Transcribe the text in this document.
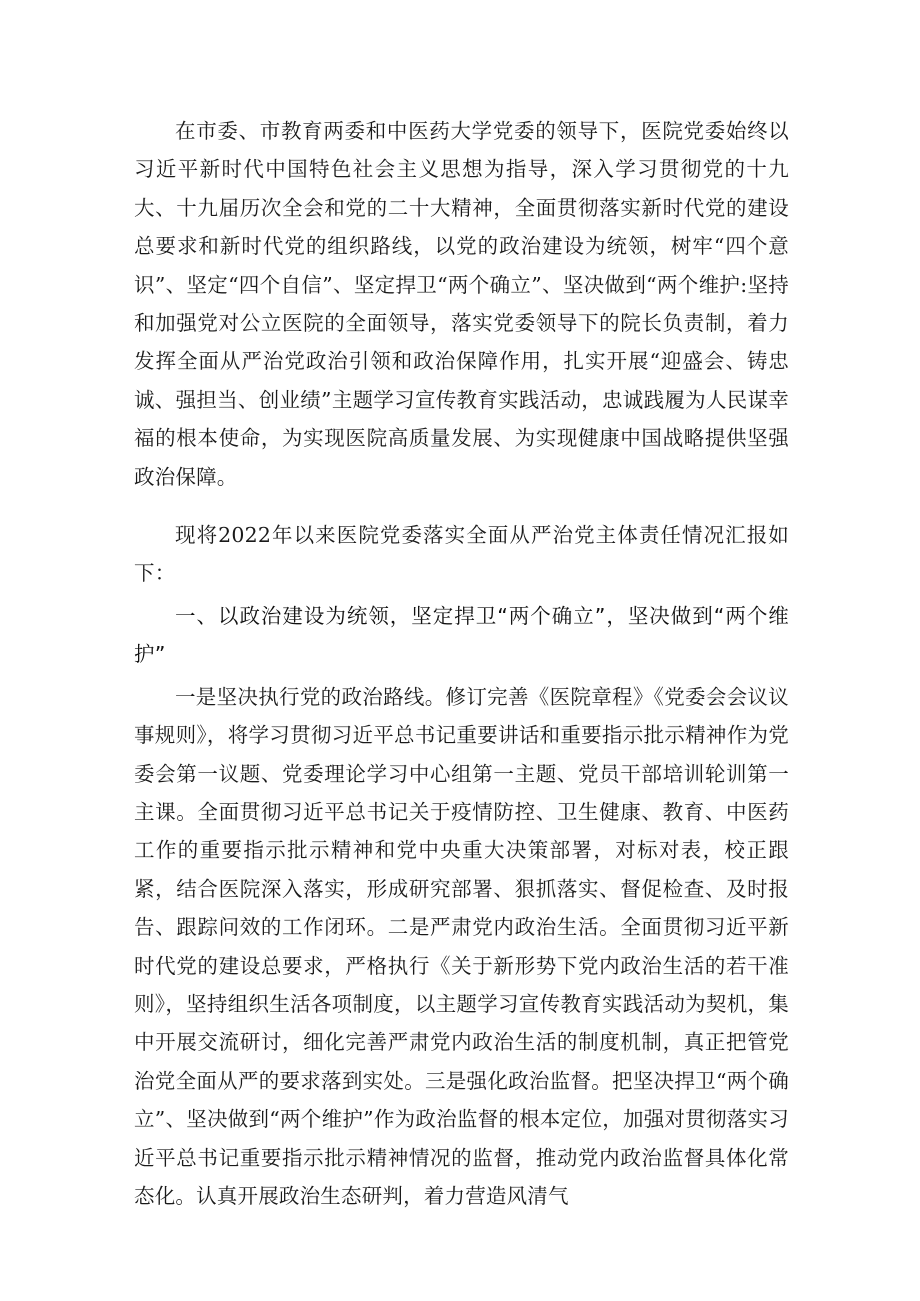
在市委、市教育两委和中医药大学党委的领导下，医院党委始终以习近平新时代中国特色社会主义思想为指导，深入学习贯彻党的十九大、十九届历次全会和党的二十大精神，全面贯彻落实新时代党的建设总要求和新时代党的组织路线，以党的政治建设为统领，树牢“四个意识”、坚定“四个自信”、坚定捍卫“两个确立”、坚决做到“两个维护:坚持和加强党对公立医院的全面领导，落实党委领导下的院长负责制，着力发挥全面从严治党政治引领和政治保障作用，扎实开展“迎盛会、铸忠诚、强担当、创业绩”主题学习宣传教育实践活动，忠诚践履为人民谋幸福的根本使命，为实现医院高质量发展、为实现健康中国战略提供坚强政治保障。

现将2022年以来医院党委落实全面从严治党主体责任情况汇报如下：

一、以政治建设为统领，坚定捍卫“两个确立”，坚决做到“两个维护”

一是坚决执行党的政治路线。修订完善《医院章程》《党委会会议议事规则》，将学习贯彻习近平总书记重要讲话和重要指示批示精神作为党委会第一议题、党委理论学习中心组第一主题、党员干部培训轮训第一主课。全面贯彻习近平总书记关于疫情防控、卫生健康、教育、中医药工作的重要指示批示精神和党中央重大决策部署，对标对表，校正跟紧，结合医院深入落实，形成研究部署、狠抓落实、督促检查、及时报告、跟踪问效的工作闭环。二是严肃党内政治生活。全面贯彻习近平新时代党的建设总要求，严格执行《关于新形势下党内政治生活的若干准则》，坚持组织生活各项制度，以主题学习宣传教育实践活动为契机，集中开展交流研讨，细化完善严肃党内政治生活的制度机制，真正把管党治党全面从严的要求落到实处。三是强化政治监督。把坚决捍卫“两个确立”、坚决做到“两个维护”作为政治监督的根本定位，加强对贯彻落实习近平总书记重要指示批示精神情况的监督，推动党内政治监督具体化常态化。认真开展政治生态研判，着力营造风清气
